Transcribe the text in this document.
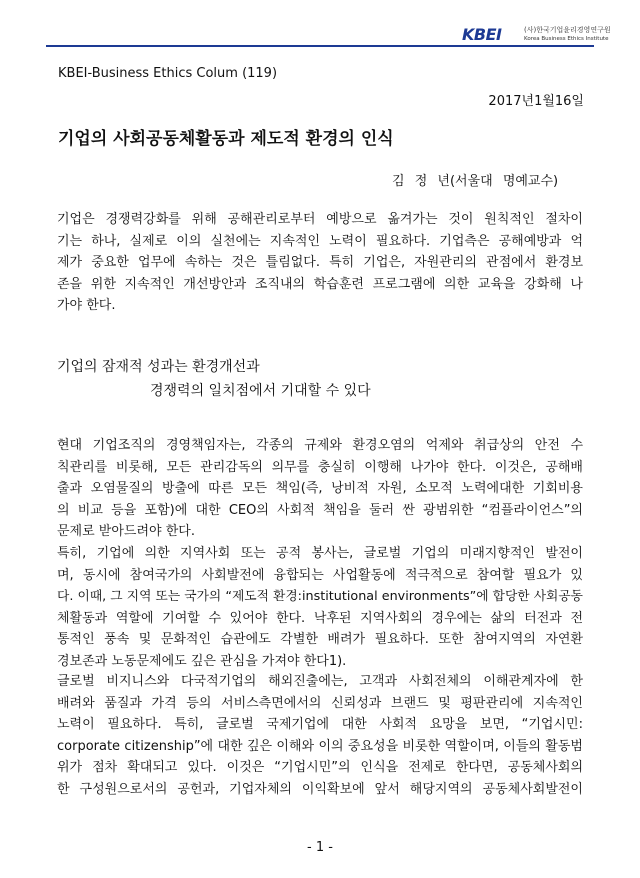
KBEI	(사)한국기업윤리경영연구원
Korea Business Ethics Institute
KBEI-Business Ethics Colum (119)
2017년1월16일
기업의 사회공동체활동과 제도적 환경의 인식
김 정 년(서울대 명예교수)

기업은 경쟁력강화를 위해 공해관리로부터 예방으로 옮겨가는 것이 원칙적인 절차이
기는 하나, 실제로 이의 실천에는 지속적인 노력이 필요하다. 기업측은 공해예방과 억
제가 중요한 업무에 속하는 것은 틀림없다. 특히 기업은, 자원관리의 관점에서 환경보
존을 위한 지속적인 개선방안과 조직내의 학습훈련 프로그램에 의한 교육을 강화해 나
가야 한다.

기업의 잠재적 성과는 환경개선과
경쟁력의 일치점에서 기대할 수 있다

현대 기업조직의 경영책임자는, 각종의 규제와 환경오염의 억제와 취급상의 안전 수
칙관리를 비롯해, 모든 관리감독의 의무를 충실히 이행해 나가야 한다. 이것은, 공해배
출과 오염물질의 방출에 따른 모든 책임(즉, 낭비적 자원, 소모적 노력에대한 기회비용
의 비교 등을 포함)에 대한 CEO의 사회적 책임을 둘러 싼 광범위한 “컴플라이언스”의
문제로 받아드려야 한다.

특히, 기업에 의한 지역사회 또는 공적 봉사는, 글로벌 기업의 미래지향적인 발전이
며, 동시에 참여국가의 사회발전에 융합되는 사업활동에 적극적으로 참여할 필요가 있
다. 이때, 그 지역 또는 국가의 “제도적 환경:institutional environments”에 합당한 사회공동
체활동과 역할에 기여할 수 있어야 한다. 낙후된 지역사회의 경우에는 삶의 터전과 전
통적인 풍속 및 문화적인 습관에도 각별한 배려가 필요하다. 또한 참여지역의 자연환
경보존과 노동문제에도 깊은 관심을 가져야 한다1).

글로벌 비지니스와 다국적기업의 해외진출에는, 고객과 사회전체의 이해관계자에 한
배려와 품질과 가격 등의 서비스측면에서의 신뢰성과 브랜드 및 평판관리에 지속적인
노력이 필요하다. 특히, 글로벌 국제기업에 대한 사회적 요망을 보면, “기업시민:
corporate citizenship”에 대한 깊은 이해와 이의 중요성을 비롯한 역할이며, 이들의 활동범
위가 점차 확대되고 있다. 이것은 “기업시민”의 인식을 전제로 한다면, 공동체사회의
한 구성원으로서의 공헌과, 기업자체의 이익확보에 앞서 해당지역의 공동체사회발전이

- 1 -
